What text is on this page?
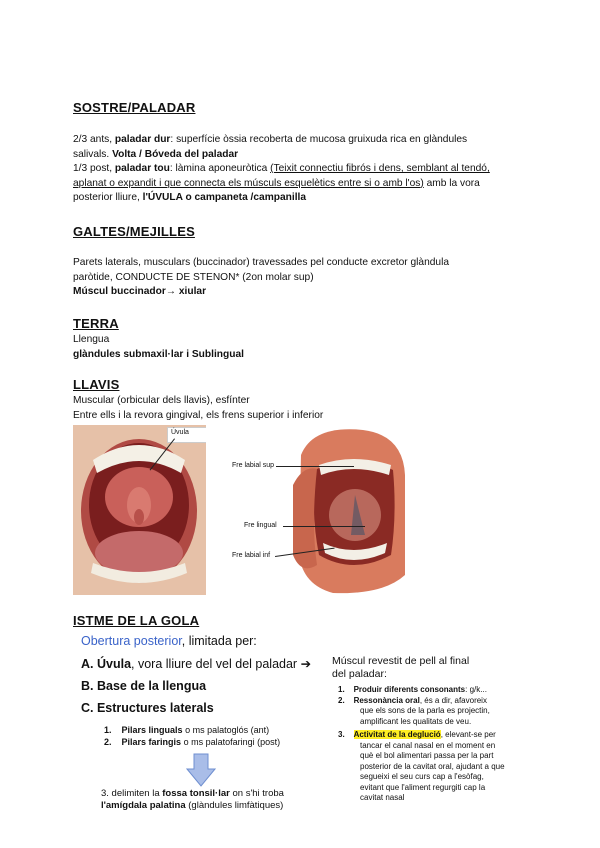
SOSTRE/PALADAR
2/3 ants, paladar dur: superfície òssia recoberta de mucosa gruixuda rica en glàndules
salivals. Volta / Bóveda del paladar
1/3 post, paladar tou: làmina aponeuròtica (Teixit connectiu fibrós i dens, semblant al tendó,
aplanat o expandit i que connecta els músculs esquelètics entre si o amb l'os) amb la vora
posterior lliure, l'ÚVULA o campaneta /campanilla
GALTES/MEJILLES
Parets laterals, musculars (buccinador) travessades pel conducte excretor glàndula
paròtide, CONDUCTE DE STENON* (2on molar sup)
Múscul buccinador→ xiular
TERRA
Llengua
glàndules submaxil·lar i Sublingual
LLAVIS
Muscular (orbicular dels llavis), esfínter
Entre ells i la revora gingival, els frens superior i inferior
Úvula
Fre labial sup
Fre lingual
Fre labial inf
ISTME DE LA GOLA
Obertura posterior, limitada per:
A. Úvula, vora lliure del vel del paladar ➔
B. Base de la llengua
C. Estructures laterals
1. Pilars linguals o ms palatoglós (ant)
2. Pilars faringis o ms palatofaringi (post)
3. delimiten la fossa tonsil·lar on s'hi troba
l'amígdala palatina (glàndules limfàtiques)
Múscul revestit de pell al final
del paladar:
1. Produir diferents consonants: g/k...
2. Ressonància oral, és a dir, afavoreix
que els sons de la parla es projectin,
amplificant les qualitats de veu.
3. Activitat de la deglució, elevant-se per
tancar el canal nasal en el moment en
què el bol alimentari passa per la part
posterior de la cavitat oral, ajudant a que
segueixi el seu curs cap a l'esòfag,
evitant que l'aliment regurgiti cap la
cavitat nasal
